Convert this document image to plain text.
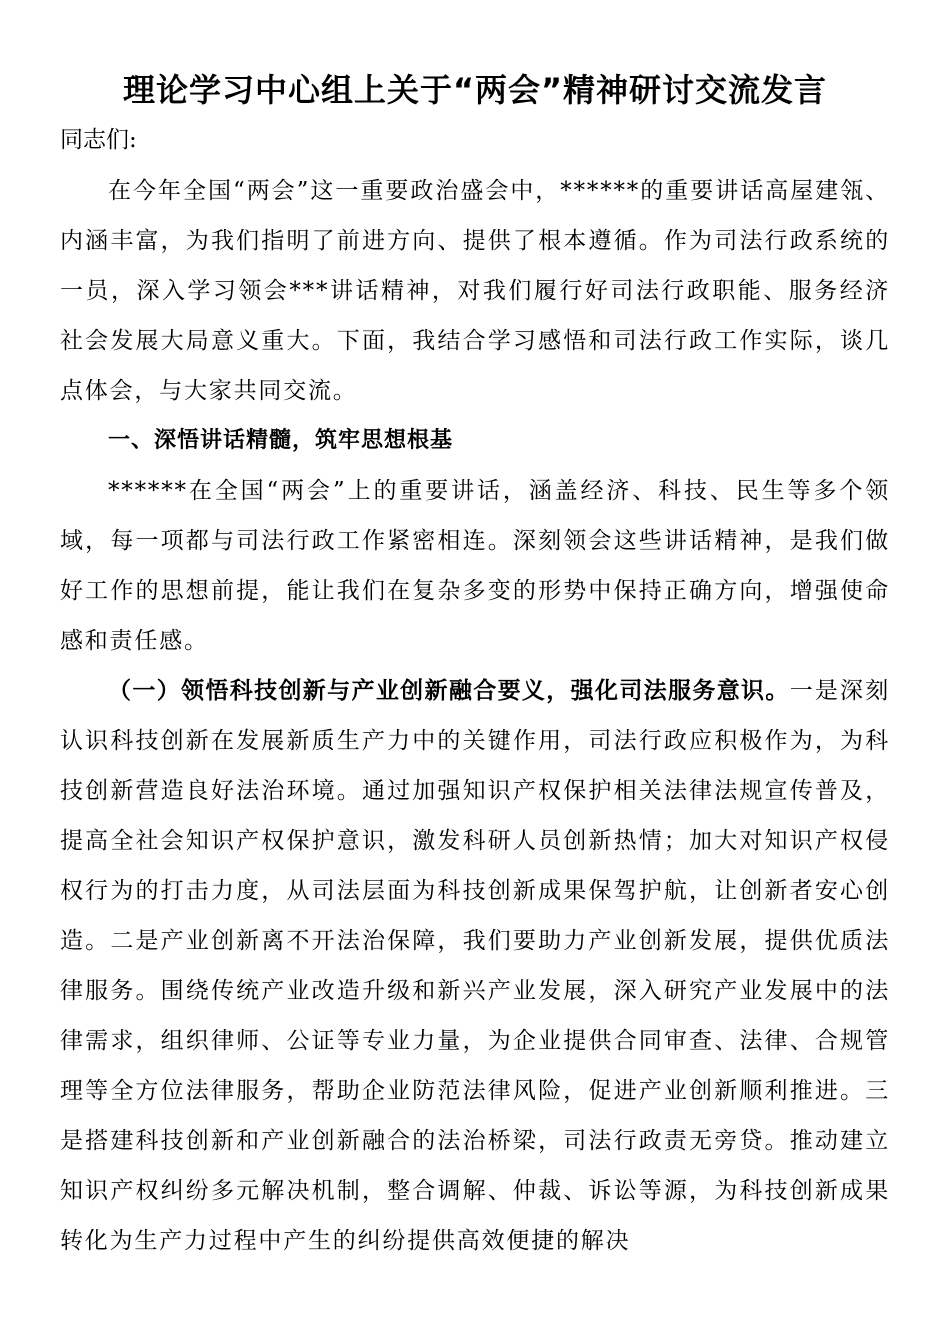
理论学习中心组上关于“两会”精神研讨交流发言

同志们:

在今年全国“两会”这一重要政治盛会中，******的重要讲话高屋建瓴、内涵丰富，为我们指明了前进方向、提供了根本遵循。作为司法行政系统的一员，深入学习领会***讲话精神，对我们履行好司法行政职能、服务经济社会发展大局意义重大。下面，我结合学习感悟和司法行政工作实际，谈几点体会，与大家共同交流。

一、深悟讲话精髓，筑牢思想根基

******在全国“两会”上的重要讲话，涵盖经济、科技、民生等多个领域，每一项都与司法行政工作紧密相连。深刻领会这些讲话精神，是我们做好工作的思想前提，能让我们在复杂多变的形势中保持正确方向，增强使命感和责任感。

（一）领悟科技创新与产业创新融合要义，强化司法服务意识。一是深刻认识科技创新在发展新质生产力中的关键作用，司法行政应积极作为，为科技创新营造良好法治环境。通过加强知识产权保护相关法律法规宣传普及，提高全社会知识产权保护意识，激发科研人员创新热情；加大对知识产权侵权行为的打击力度，从司法层面为科技创新成果保驾护航，让创新者安心创造。二是产业创新离不开法治保障，我们要助力产业创新发展，提供优质法律服务。围绕传统产业改造升级和新兴产业发展，深入研究产业发展中的法律需求，组织律师、公证等专业力量，为企业提供合同审查、法律、合规管理等全方位法律服务，帮助企业防范法律风险，促进产业创新顺利推进。三是搭建科技创新和产业创新融合的法治桥梁，司法行政责无旁贷。推动建立知识产权纠纷多元解决机制，整合调解、仲裁、诉讼等源，为科技创新成果转化为生产力过程中产生的纠纷提供高效便捷的解决
